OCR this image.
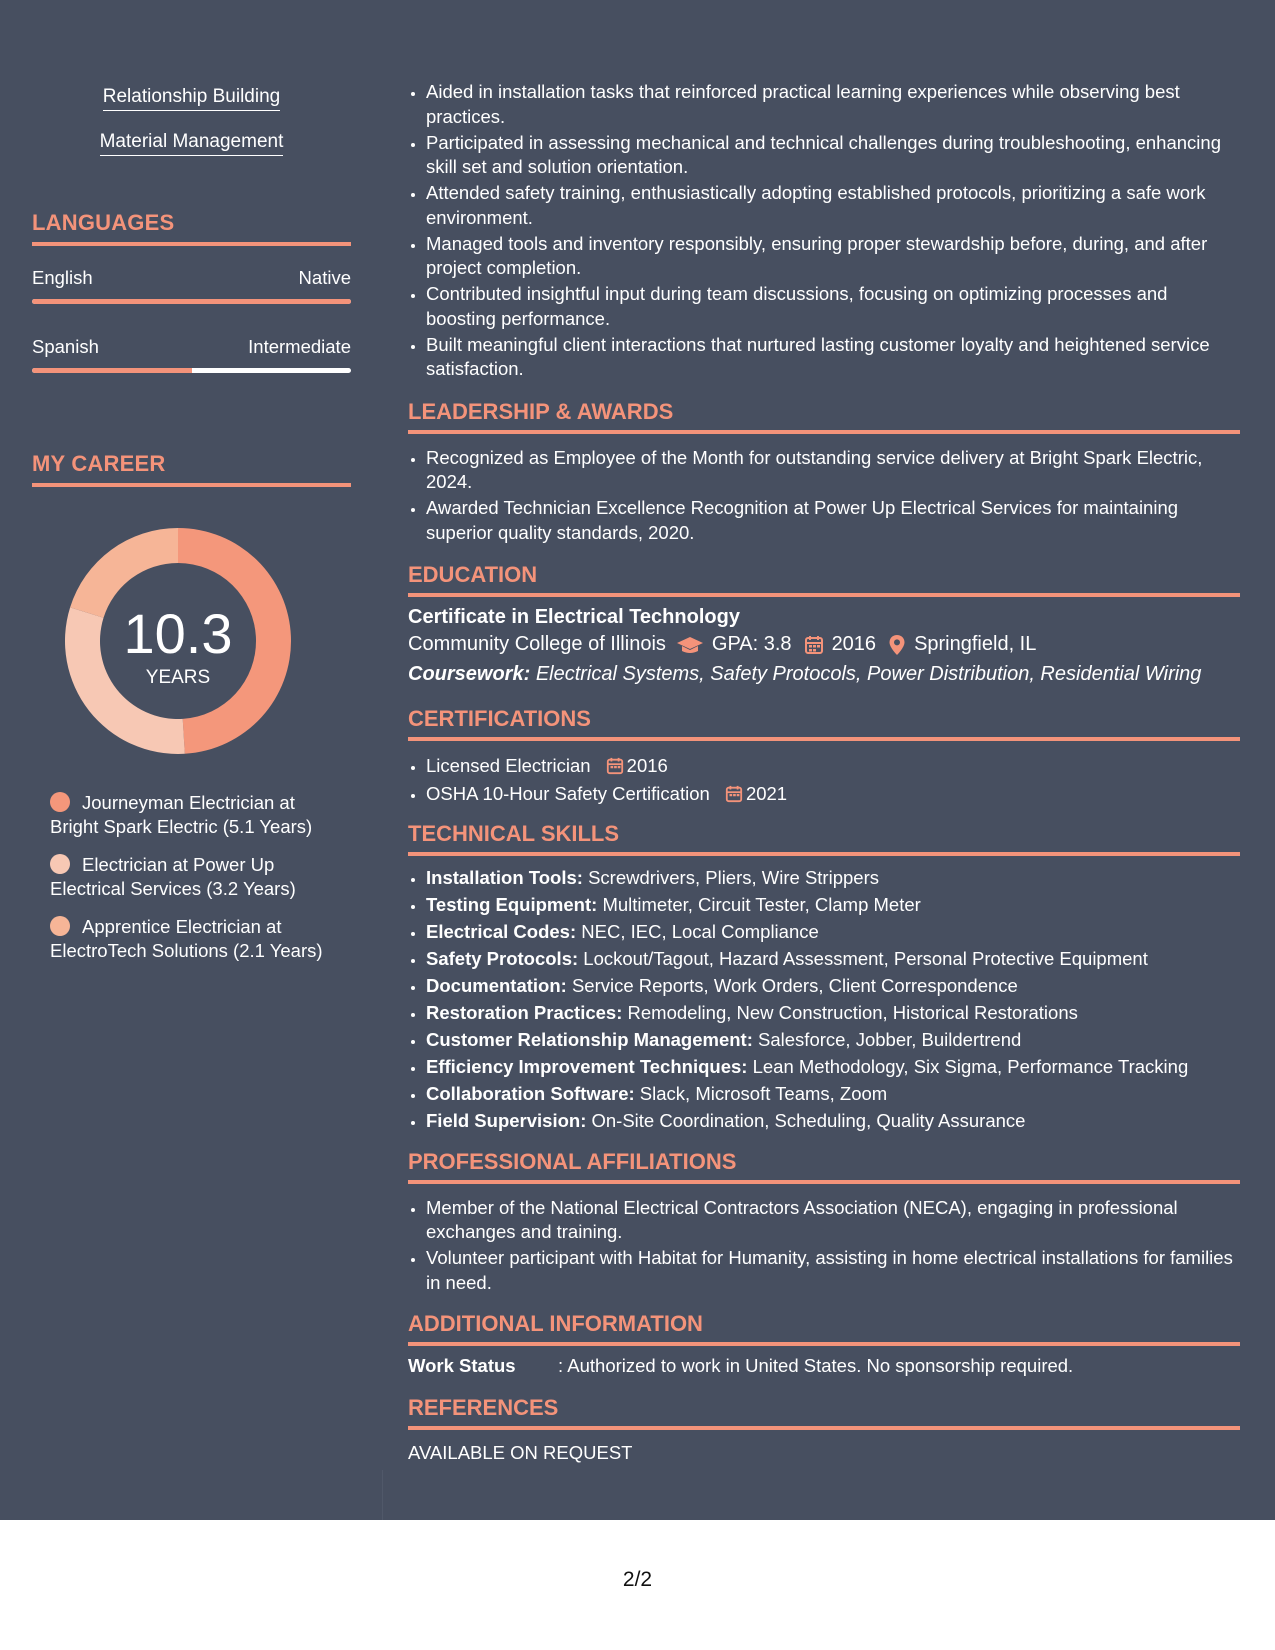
Relationship Building

Material Management

LANGUAGES
English	Native
Spanish	Intermediate
MY CAREER
10.3
YEARS
Journeyman Electrician at Bright Spark Electric (5.1 Years)
Electrician at Power Up Electrical Services (3.2 Years)
Apprentice Electrician at ElectroTech Solutions (2.1 Years)
• Aided in installation tasks that reinforced practical learning experiences while observing best practices.
• Participated in assessing mechanical and technical challenges during troubleshooting, enhancing skill set and solution orientation.
• Attended safety training, enthusiastically adopting established protocols, prioritizing a safe work environment.
• Managed tools and inventory responsibly, ensuring proper stewardship before, during, and after project completion.
• Contributed insightful input during team discussions, focusing on optimizing processes and boosting performance.
• Built meaningful client interactions that nurtured lasting customer loyalty and heightened service satisfaction.
LEADERSHIP & AWARDS
• Recognized as Employee of the Month for outstanding service delivery at Bright Spark Electric, 2024.
• Awarded Technician Excellence Recognition at Power Up Electrical Services for maintaining superior quality standards, 2020.
EDUCATION
Certificate in Electrical Technology
Community College of Illinois GPA: 3.8 2016 Springfield, IL
Coursework: Electrical Systems, Safety Protocols, Power Distribution, Residential Wiring
CERTIFICATIONS
• Licensed Electrician 2016
• OSHA 10-Hour Safety Certification 2021
TECHNICAL SKILLS
• Installation Tools: Screwdrivers, Pliers, Wire Strippers
• Testing Equipment: Multimeter, Circuit Tester, Clamp Meter
• Electrical Codes: NEC, IEC, Local Compliance
• Safety Protocols: Lockout/Tagout, Hazard Assessment, Personal Protective Equipment
• Documentation: Service Reports, Work Orders, Client Correspondence
• Restoration Practices: Remodeling, New Construction, Historical Restorations
• Customer Relationship Management: Salesforce, Jobber, Buildertrend
• Efficiency Improvement Techniques: Lean Methodology, Six Sigma, Performance Tracking
• Collaboration Software: Slack, Microsoft Teams, Zoom
• Field Supervision: On-Site Coordination, Scheduling, Quality Assurance
PROFESSIONAL AFFILIATIONS
• Member of the National Electrical Contractors Association (NECA), engaging in professional exchanges and training.
• Volunteer participant with Habitat for Humanity, assisting in home electrical installations for families in need.
ADDITIONAL INFORMATION
Work Status	: Authorized to work in United States. No sponsorship required.
REFERENCES
AVAILABLE ON REQUEST
2/2
